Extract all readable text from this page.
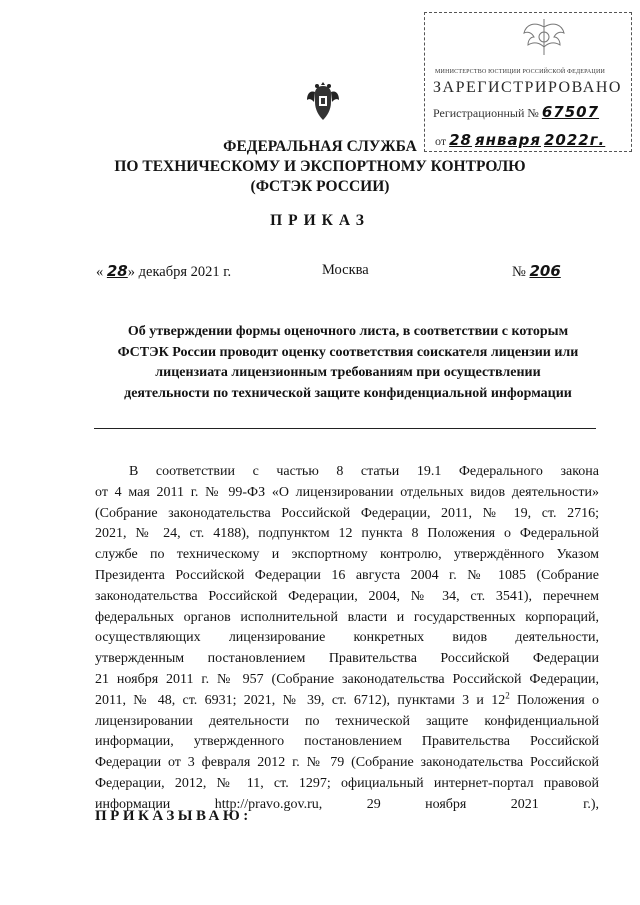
МИНИСТЕРСТВО ЮСТИЦИИ РОССИЙСКОЙ ФЕДЕРАЦИИ
ЗАРЕГИСТРИРОВАНО
Регистрационный № 67507
от 28 января 2022г.
ФЕДЕРАЛЬНАЯ СЛУЖБА
ПО ТЕХНИЧЕСКОМУ И ЭКСПОРТНОМУ КОНТРОЛЮ
(ФСТЭК РОССИИ)
ПРИКАЗ
« 28» декабря 2021 г.	Москва	№ 206
Об утверждении формы оценочного листа, в соответствии с которым
ФСТЭК России проводит оценку соответствия соискателя лицензии или
лицензиата лицензионным требованиям при осуществлении
деятельности по технической защите конфиденциальной информации
В соответствии с частью 8 статьи 19.1 Федерального закона
от 4 мая 2011 г. № 99-ФЗ «О лицензировании отдельных видов деятельности»
(Собрание законодательства Российской Федерации, 2011, № 19, ст. 2716;
2021, № 24, ст. 4188), подпунктом 12 пункта 8 Положения о Федеральной
службе по техническому и экспортному контролю, утверждённого Указом
Президента Российской Федерации 16 августа 2004 г. № 1085 (Собрание
законодательства Российской Федерации, 2004, № 34, ст. 3541), перечнем
федеральных органов исполнительной власти и государственных корпораций,
осуществляющих лицензирование конкретных видов деятельности,
утвержденным постановлением Правительства Российской Федерации
21 ноября 2011 г. № 957 (Собрание законодательства Российской Федерации,
2011, № 48, ст. 6931; 2021, № 39, ст. 6712), пунктами 3 и $12^2$ Положения о
лицензировании деятельности по технической защите конфиденциальной
информации, утвержденного постановлением Правительства Российской
Федерации от 3 февраля 2012 г. № 79 (Собрание законодательства Российской
Федерации, 2012, № 11, ст. 1297; официальный интернет-портал правовой
информации http://pravo.gov.ru, 29 ноября 2021 г.),
ПРИКАЗЫВАЮ:
